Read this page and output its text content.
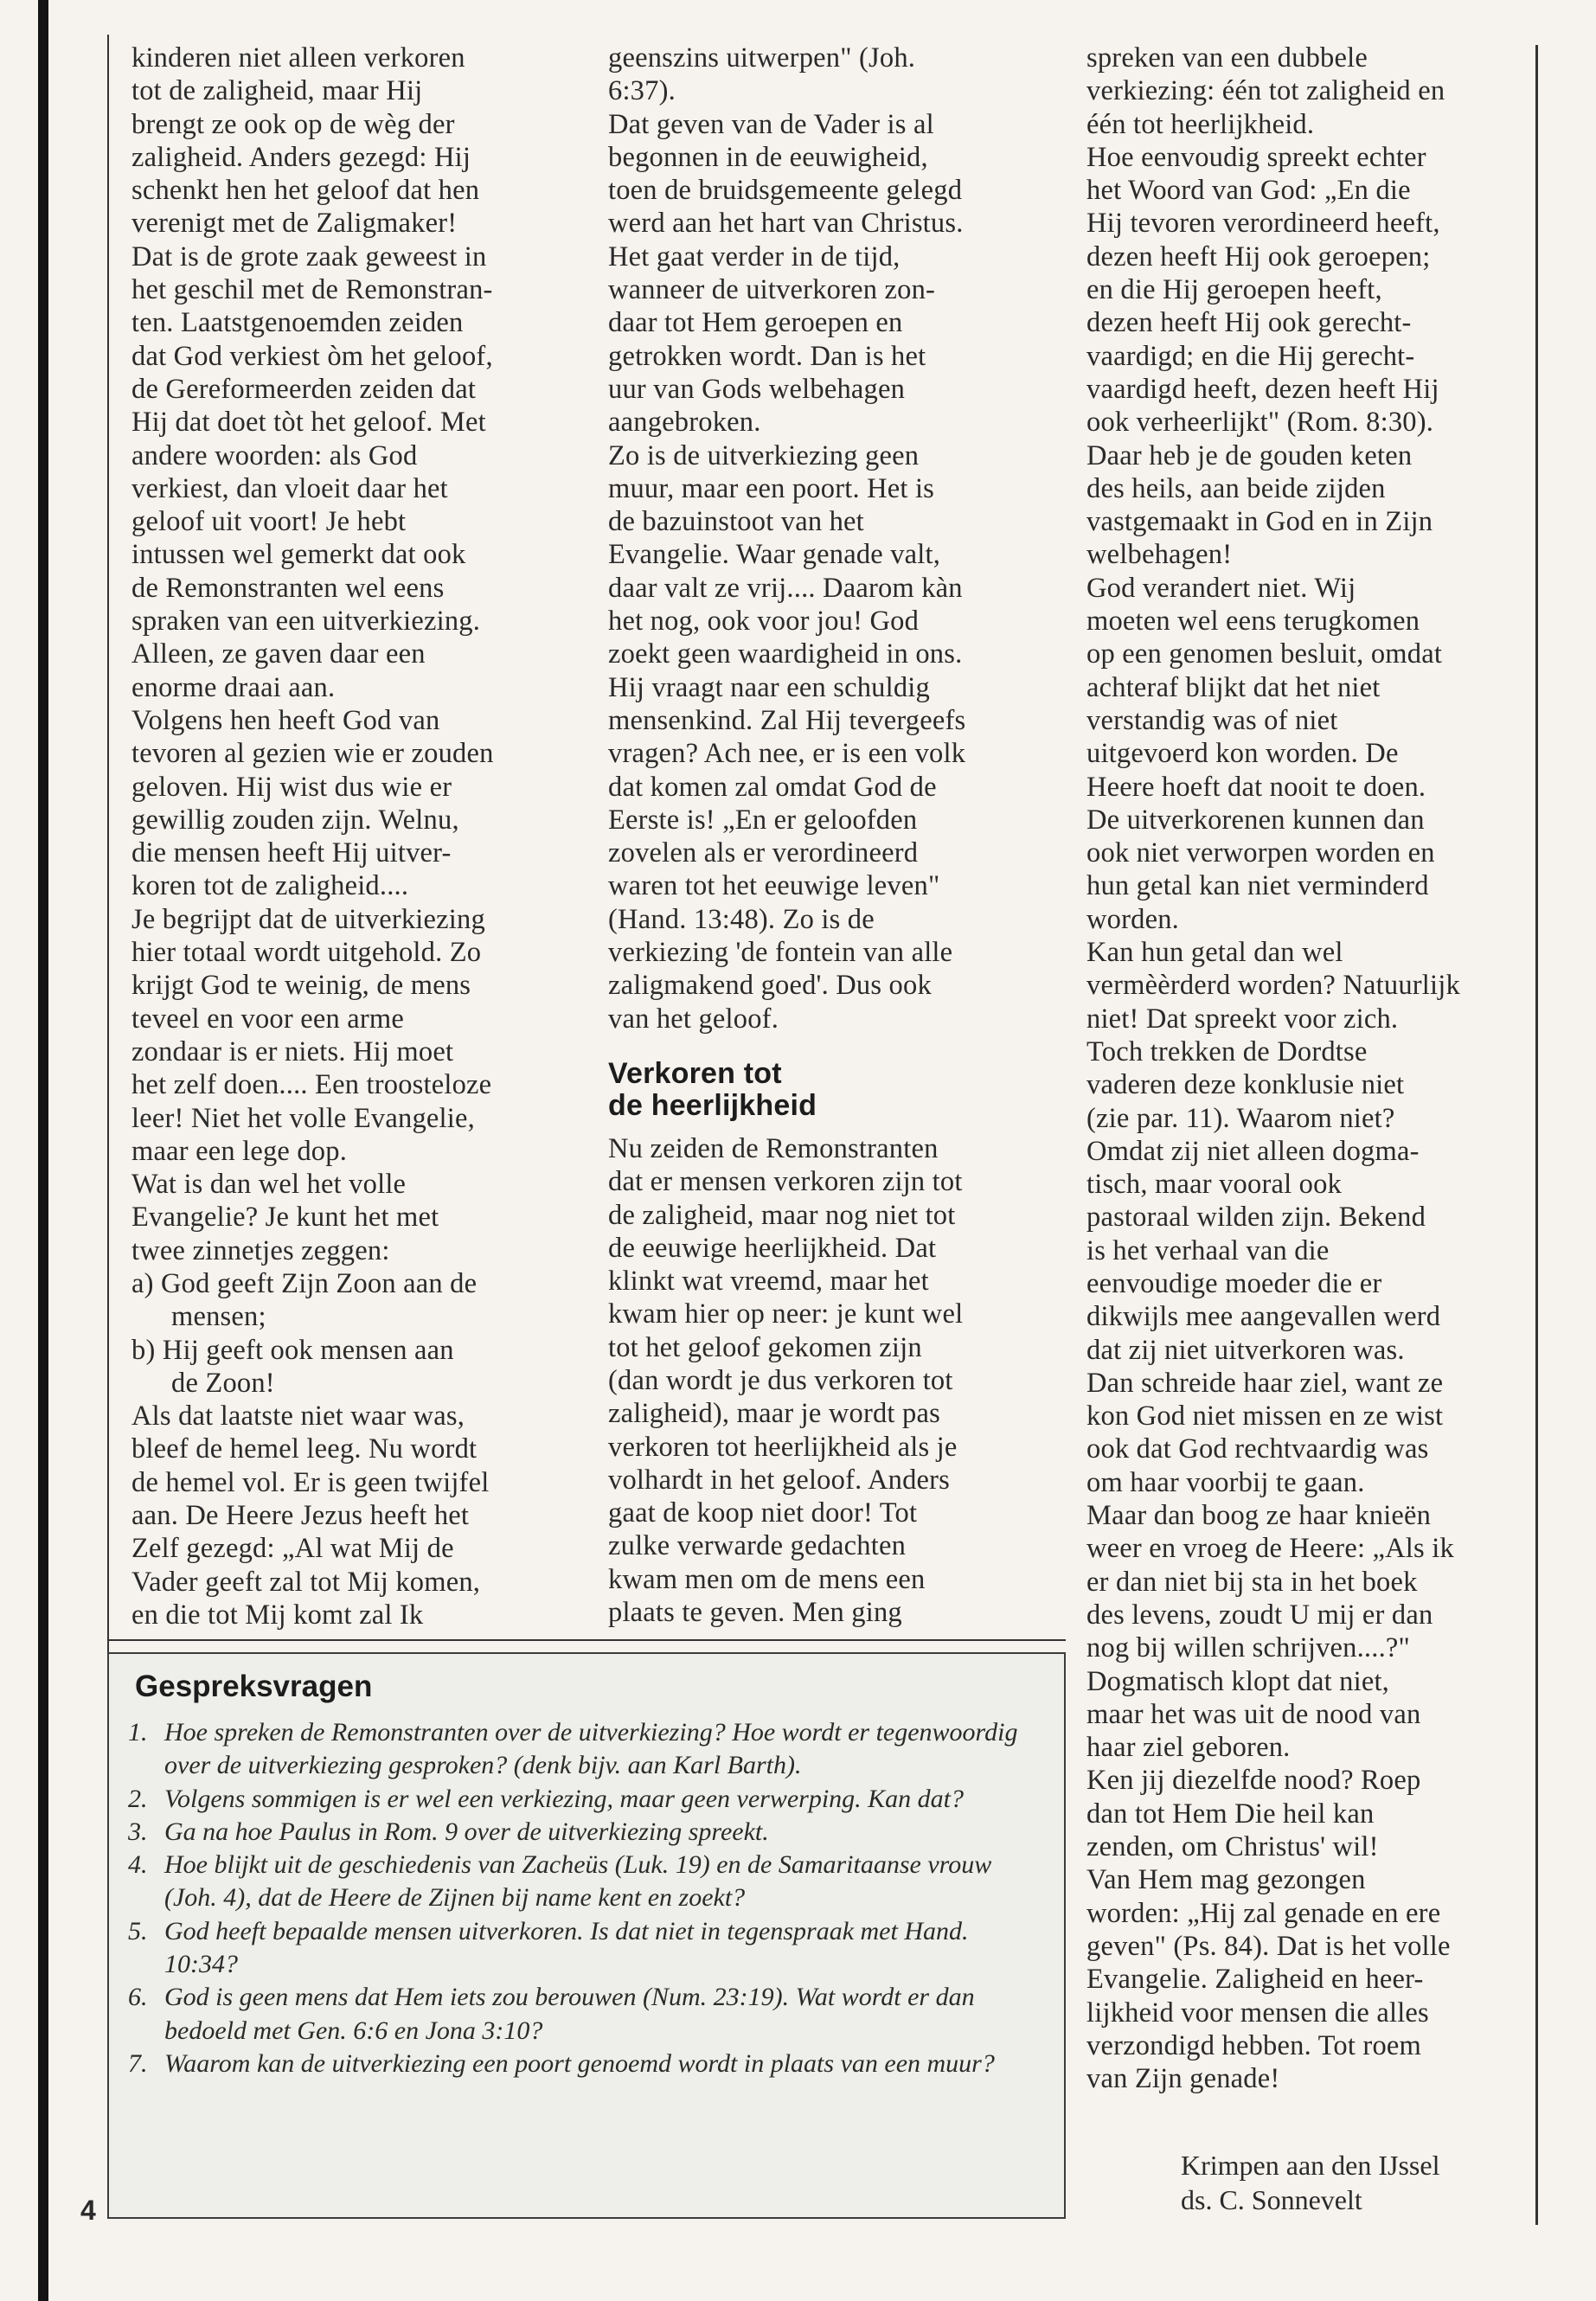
kinderen niet alleen verkoren
tot de zaligheid, maar Hij
brengt ze ook op de wèg der
zaligheid. Anders gezegd: Hij
schenkt hen het geloof dat hen
verenigt met de Zaligmaker!

Dat is de grote zaak geweest in
het geschil met de Remonstran-
ten. Laatstgenoemden zeiden
dat God verkiest òm het geloof,
de Gereformeerden zeiden dat
Hij dat doet tòt het geloof. Met
andere woorden: als God
verkiest, dan vloeit daar het
geloof uit voort! Je hebt
intussen wel gemerkt dat ook
de Remonstranten wel eens
spraken van een uitverkiezing.
Alleen, ze gaven daar een
enorme draai aan.

Volgens hen heeft God van
tevoren al gezien wie er zouden
geloven. Hij wist dus wie er
gewillig zouden zijn. Welnu,
die mensen heeft Hij uitver-
koren tot de zaligheid....

Je begrijpt dat de uitverkiezing
hier totaal wordt uitgehold. Zo
krijgt God te weinig, de mens
teveel en voor een arme
zondaar is er niets. Hij moet
het zelf doen.... Een troosteloze
leer! Niet het volle Evangelie,
maar een lege dop.

Wat is dan wel het volle
Evangelie? Je kunt het met
twee zinnetjes zeggen:

a) God geeft Zijn Zoon aan de
mensen;

b) Hij geeft ook mensen aan
de Zoon!

Als dat laatste niet waar was,
bleef de hemel leeg. Nu wordt
de hemel vol. Er is geen twijfel
aan. De Heere Jezus heeft het
Zelf gezegd: „Al wat Mij de
Vader geeft zal tot Mij komen,
en die tot Mij komt zal Ik

geenszins uitwerpen" (Joh.
6:37).

Dat geven van de Vader is al
begonnen in de eeuwigheid,
toen de bruidsgemeente gelegd
werd aan het hart van Christus.
Het gaat verder in de tijd,
wanneer de uitverkoren zon-
daar tot Hem geroepen en
getrokken wordt. Dan is het
uur van Gods welbehagen
aangebroken.

Zo is de uitverkiezing geen
muur, maar een poort. Het is
de bazuinstoot van het
Evangelie. Waar genade valt,
daar valt ze vrij.... Daarom kàn
het nog, ook voor jou! God
zoekt geen waardigheid in ons.
Hij vraagt naar een schuldig
mensenkind. Zal Hij tevergeefs
vragen? Ach nee, er is een volk
dat komen zal omdat God de
Eerste is! „En er geloofden
zovelen als er verordineerd
waren tot het eeuwige leven"
(Hand. 13:48). Zo is de
verkiezing 'de fontein van alle
zaligmakend goed'. Dus ook
van het geloof.

Verkoren tot
de heerlijkheid

Nu zeiden de Remonstranten
dat er mensen verkoren zijn tot
de zaligheid, maar nog niet tot
de eeuwige heerlijkheid. Dat
klinkt wat vreemd, maar het
kwam hier op neer: je kunt wel
tot het geloof gekomen zijn
(dan wordt je dus verkoren tot
zaligheid), maar je wordt pas
verkoren tot heerlijkheid als je
volhardt in het geloof. Anders
gaat de koop niet door! Tot
zulke verwarde gedachten
kwam men om de mens een
plaats te geven. Men ging

spreken van een dubbele
verkiezing: één tot zaligheid en
één tot heerlijkheid.

Hoe eenvoudig spreekt echter
het Woord van God: „En die
Hij tevoren verordineerd heeft,
dezen heeft Hij ook geroepen;
en die Hij geroepen heeft,
dezen heeft Hij ook gerecht-
vaardigd; en die Hij gerecht-
vaardigd heeft, dezen heeft Hij
ook verheerlijkt" (Rom. 8:30).
Daar heb je de gouden keten
des heils, aan beide zijden
vastgemaakt in God en in Zijn
welbehagen!

God verandert niet. Wij
moeten wel eens terugkomen
op een genomen besluit, omdat
achteraf blijkt dat het niet
verstandig was of niet
uitgevoerd kon worden. De
Heere hoeft dat nooit te doen.
De uitverkorenen kunnen dan
ook niet verworpen worden en
hun getal kan niet verminderd
worden.

Kan hun getal dan wel
vermèèrderd worden? Natuurlijk
niet! Dat spreekt voor zich.
Toch trekken de Dordtse
vaderen deze konklusie niet
(zie par. 11). Waarom niet?
Omdat zij niet alleen dogma-
tisch, maar vooral ook
pastoraal wilden zijn. Bekend
is het verhaal van die
eenvoudige moeder die er
dikwijls mee aangevallen werd
dat zij niet uitverkoren was.
Dan schreide haar ziel, want ze
kon God niet missen en ze wist
ook dat God rechtvaardig was
om haar voorbij te gaan.

Maar dan boog ze haar knieën
weer en vroeg de Heere: „Als ik
er dan niet bij sta in het boek
des levens, zoudt U mij er dan
nog bij willen schrijven....?"
Dogmatisch klopt dat niet,
maar het was uit de nood van
haar ziel geboren.

Ken jij diezelfde nood? Roep
dan tot Hem Die heil kan
zenden, om Christus' wil!
Van Hem mag gezongen
worden: „Hij zal genade en ere
geven" (Ps. 84). Dat is het volle
Evangelie. Zaligheid en heer-
lijkheid voor mensen die alles
verzondigd hebben. Tot roem
van Zijn genade!

Gespreksvragen
1. Hoe spreken de Remonstranten over de uitverkiezing? Hoe wordt er tegenwoordig over de uitverkiezing gesproken? (denk bijv. aan Karl Barth).
2. Volgens sommigen is er wel een verkiezing, maar geen verwerping. Kan dat?
3. Ga na hoe Paulus in Rom. 9 over de uitverkiezing spreekt.
4. Hoe blijkt uit de geschiedenis van Zacheüs (Luk. 19) en de Samaritaanse vrouw (Joh. 4), dat de Heere de Zijnen bij name kent en zoekt?
5. God heeft bepaalde mensen uitverkoren. Is dat niet in tegenspraak met Hand. 10:34?
6. God is geen mens dat Hem iets zou berouwen (Num. 23:19). Wat wordt er dan bedoeld met Gen. 6:6 en Jona 3:10?
7. Waarom kan de uitverkiezing een poort genoemd wordt in plaats van een muur?
Krimpen aan den IJssel
ds. C. Sonnevelt
4
